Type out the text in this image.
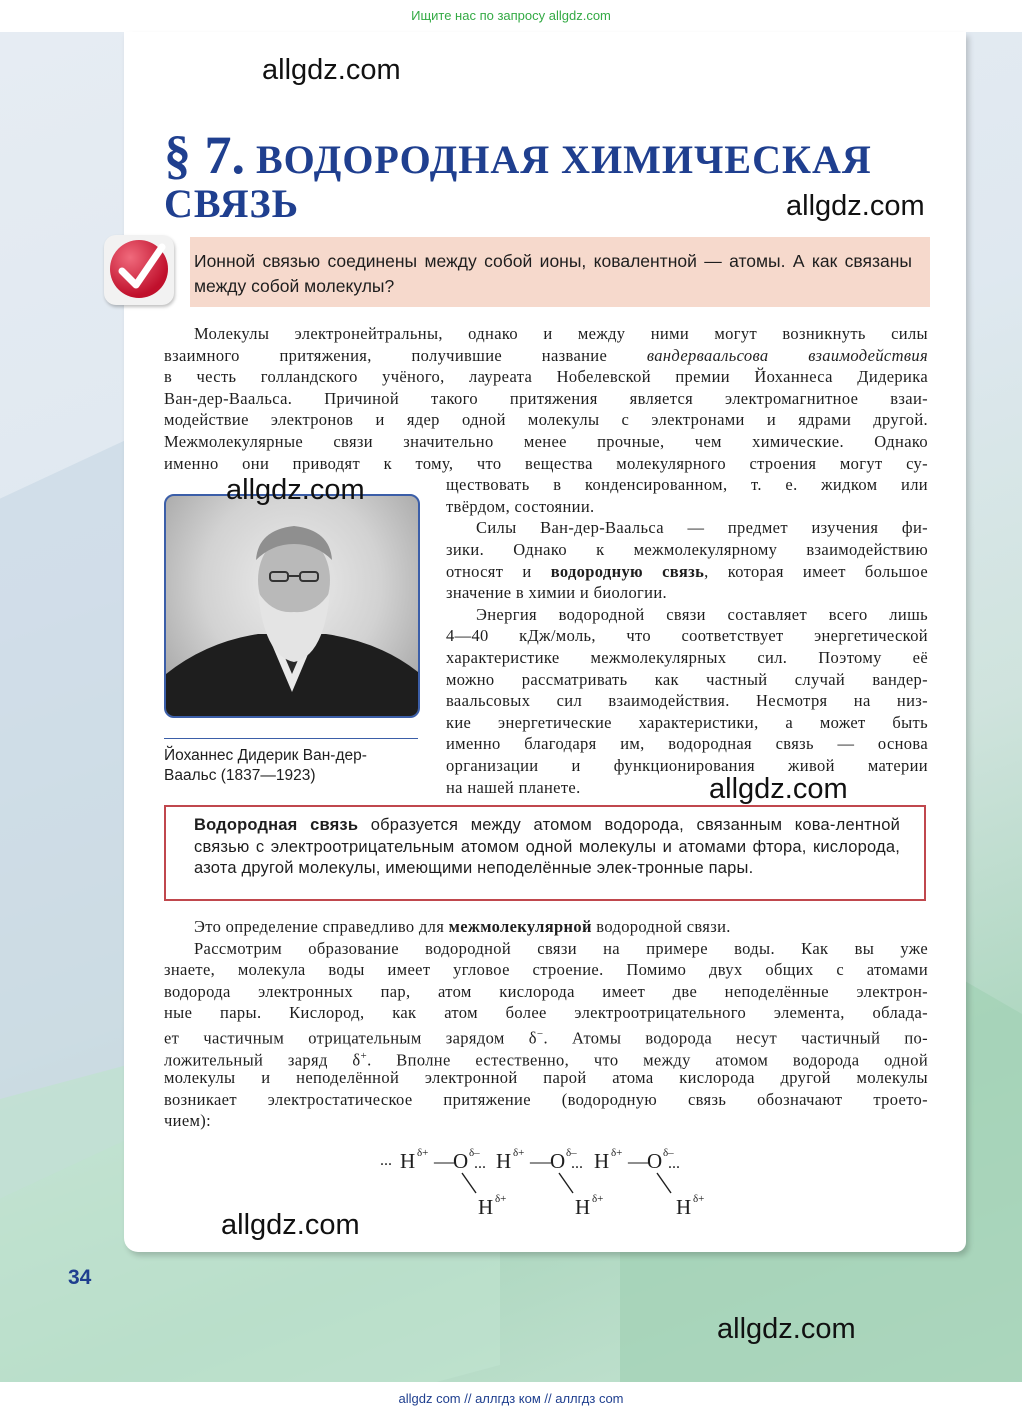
Ищите нас по запросу allgdz.com
allgdz.com
allgdz.com
§ 7. ВОДОРОДНАЯ ХИМИЧЕСКАЯ
СВЯЗЬ

Ионной связью соединены между собой ионы, ковалентной — атомы. А как связаны между собой молекулы?

Молекулы электронейтральны, однако и между ними могут возникнуть силы

взаимного притяжения, получившие название вандерваальсова взаимодействия

в честь голландского учёного, лауреата Нобелевской премии Йоханнеса Дидерика

Ван-дер-Ваальса. Причиной такого притяжения является электромагнитное взаи-

модействие электронов и ядер одной молекулы с электронами и ядрами другой.

Межмолекулярные связи значительно менее прочные, чем химические. Однако

именно они приводят к тому, что вещества молекулярного строения могут су-

ществовать в конденсированном, т. е. жидком или

твёрдом, состоянии.

Силы Ван-дер-Ваальса — предмет изучения фи-

зики. Однако к межмолекулярному взаимодействию

относят и водородную связь, которая имеет большое

значение в химии и биологии.

Энергия водородной связи составляет всего лишь

4—40 кДж/моль, что соответствует энергетической

характеристике межмолекулярных сил. Поэтому её

можно рассматривать как частный случай вандер-

ваальсовых сил взаимодействия. Несмотря на низ-

кие энергетические характеристики, а может быть

именно благодаря им, водородная связь — основа

организации и функционирования живой материи

на нашей планете.

allgdz.com

Йоханнес Дидерик Ван-дер-Ваальс (1837—1923)	allgdz.com

Водородная связь образуется между атомом водорода, связанным кова-лентной связью с электроотрицательным атомом одной молекулы и атомами фтора, кислорода, азота другой молекулы, имеющими неподелённые элек-тронные пары.

Это определение справедливо для межмолекулярной водородной связи.

Рассмотрим образование водородной связи на примере воды. Как вы уже

знаете, молекула воды имеет угловое строение. Помимо двух общих с атомами

водорода электронных пар, атом кислорода имеет две неподелённые электрон-

ные пары. Кислород, как атом более электроотрицательного элемента, облада-

ет частичным отрицательным зарядом δ−. Атомы водорода несут частичный по-

ложительный заряд δ+. Вполне естественно, что между атомом водорода одной

молекулы и неподелённой электронной парой атома кислорода другой молекулы

возникает электростатическое притяжение (водородную связь обозначают троето-

чием):

... H δ+ —
O δ–
...
H δ+
H δ+ — O δ–
...
H δ+
H δ+ —
O δ–
...
H δ+
allgdz.com
34
allgdz.com
allgdz com // аллгдз ком // аллгдз com
